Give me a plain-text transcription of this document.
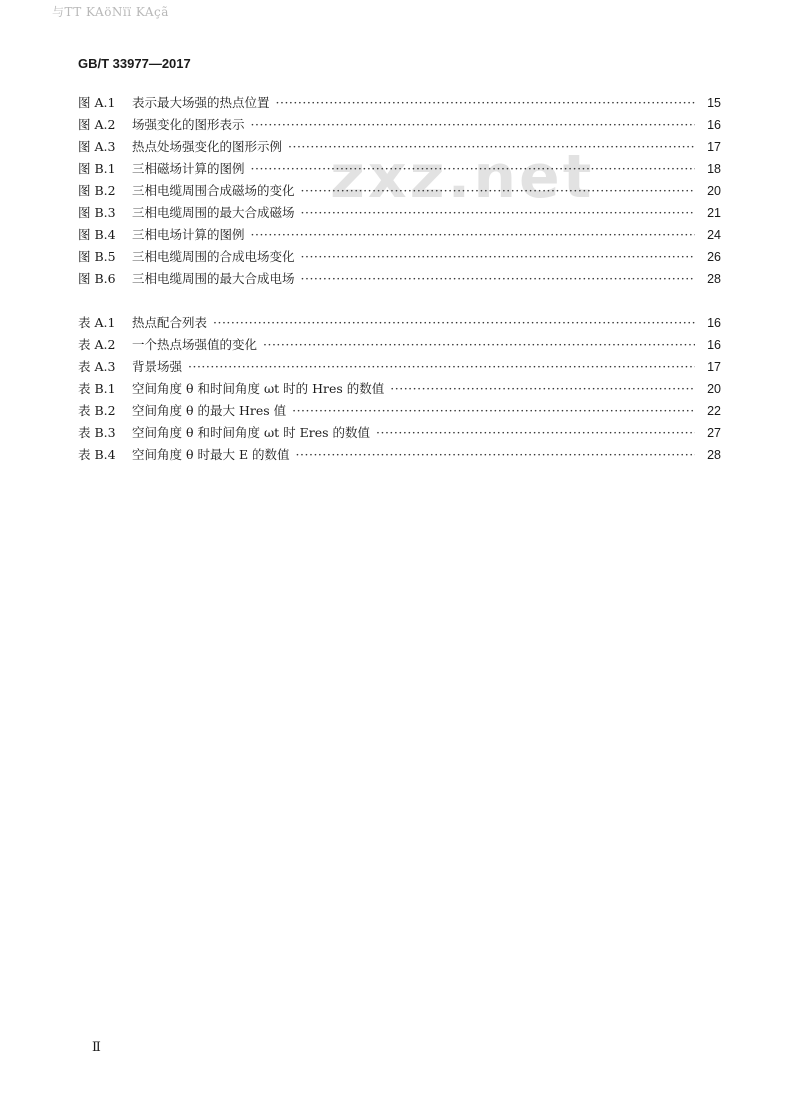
与TT KAöNïï KAçã
GB/T 33977—2017
zxz.net
图 A.1	表示最大场强的热点位置 ·····	15
图 A.2	场强变化的图形表示 ·····	16
图 A.3	热点处场强变化的图形示例 ·····	17
图 B.1	三相磁场计算的图例 ·····	18
图 B.2	三相电缆周围合成磁场的变化 ·····	20
图 B.3	三相电缆周围的最大合成磁场 ·····	21
图 B.4	三相电场计算的图例 ·····	24
图 B.5	三相电缆周围的合成电场变化 ·····	26
图 B.6	三相电缆周围的最大合成电场 ·····	28
表 A.1	热点配合列表 ·····	16
表 A.2	一个热点场强值的变化 ·····	16
表 A.3	背景场强 ·····	17
表 B.1	空间角度 θ 和时间角度 ωt 时的 Hres 的数值 ·····	20
表 B.2	空间角度 θ 的最大 Hres 值 ·····	22
表 B.3	空间角度 θ 和时间角度 ωt 时 Eres 的数值 ·····	27
表 B.4	空间角度 θ 时最大 E 的数值 ·····	28
Ⅱ
